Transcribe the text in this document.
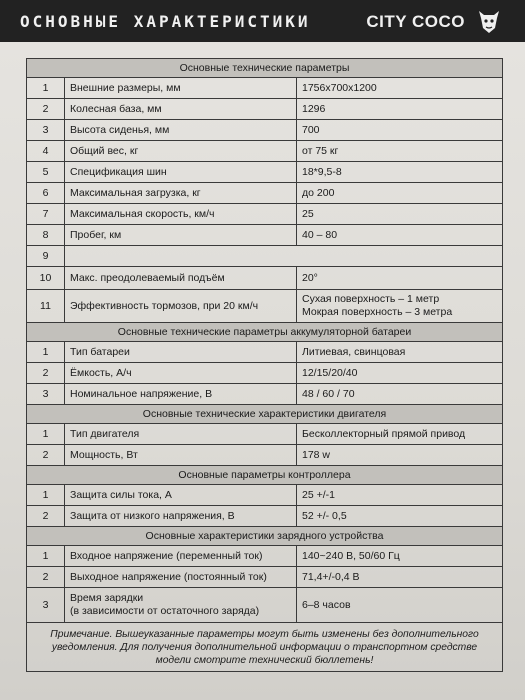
ОСНОВНЫЕ ХАРАКТЕРИСТИКИ	CITY COCO
Основные технические параметры		
1	Внешние размеры, мм	1756x700x1200
2	Колесная база, мм	1296
3	Высота сиденья, мм	700
4	Общий вес, кг	от 75 кг
5	Спецификация шин	18*9,5-8
6	Максимальная загрузка, кг	до 200
7	Максимальная скорость, км/ч	25
8	Пробег, км	40 – 80
9		
10	Макс. преодолеваемый подъём	20°
11	Эффективность тормозов, при 20 км/ч	Сухая поверхность – 1 метр
Мокрая поверхность – 3 метра

Основные технические параметры аккумуляторной батареи		
1	Тип батареи	Литиевая, свинцовая
2	Ёмкость, А/ч	12/15/20/40
3	Номинальное напряжение, В	48 / 60 / 70
Основные технические характеристики двигателя		
1	Тип двигателя	Бесколлекторный прямой привод
2	Мощность, Вт	178 w
Основные параметры контроллера		
1	Защита силы тока, А	25 +/-1
2	Защита от низкого напряжения, В	52 +/- 0,5
Основные характеристики зарядного устройства		
1	Входное напряжение (переменный ток)	140~240 В, 50/60 Гц
2	Выходное напряжение (постоянный ток)	71,4+/-0,4 В
3	Время зарядки
(в зависимости от остаточного заряда)	6–8 часов

Примечание. Вышеуказанные параметры могут быть изменены без дополнительного
уведомления. Для получения дополнительной информации о транспортном средстве
модели смотрите технический бюллетень!		
